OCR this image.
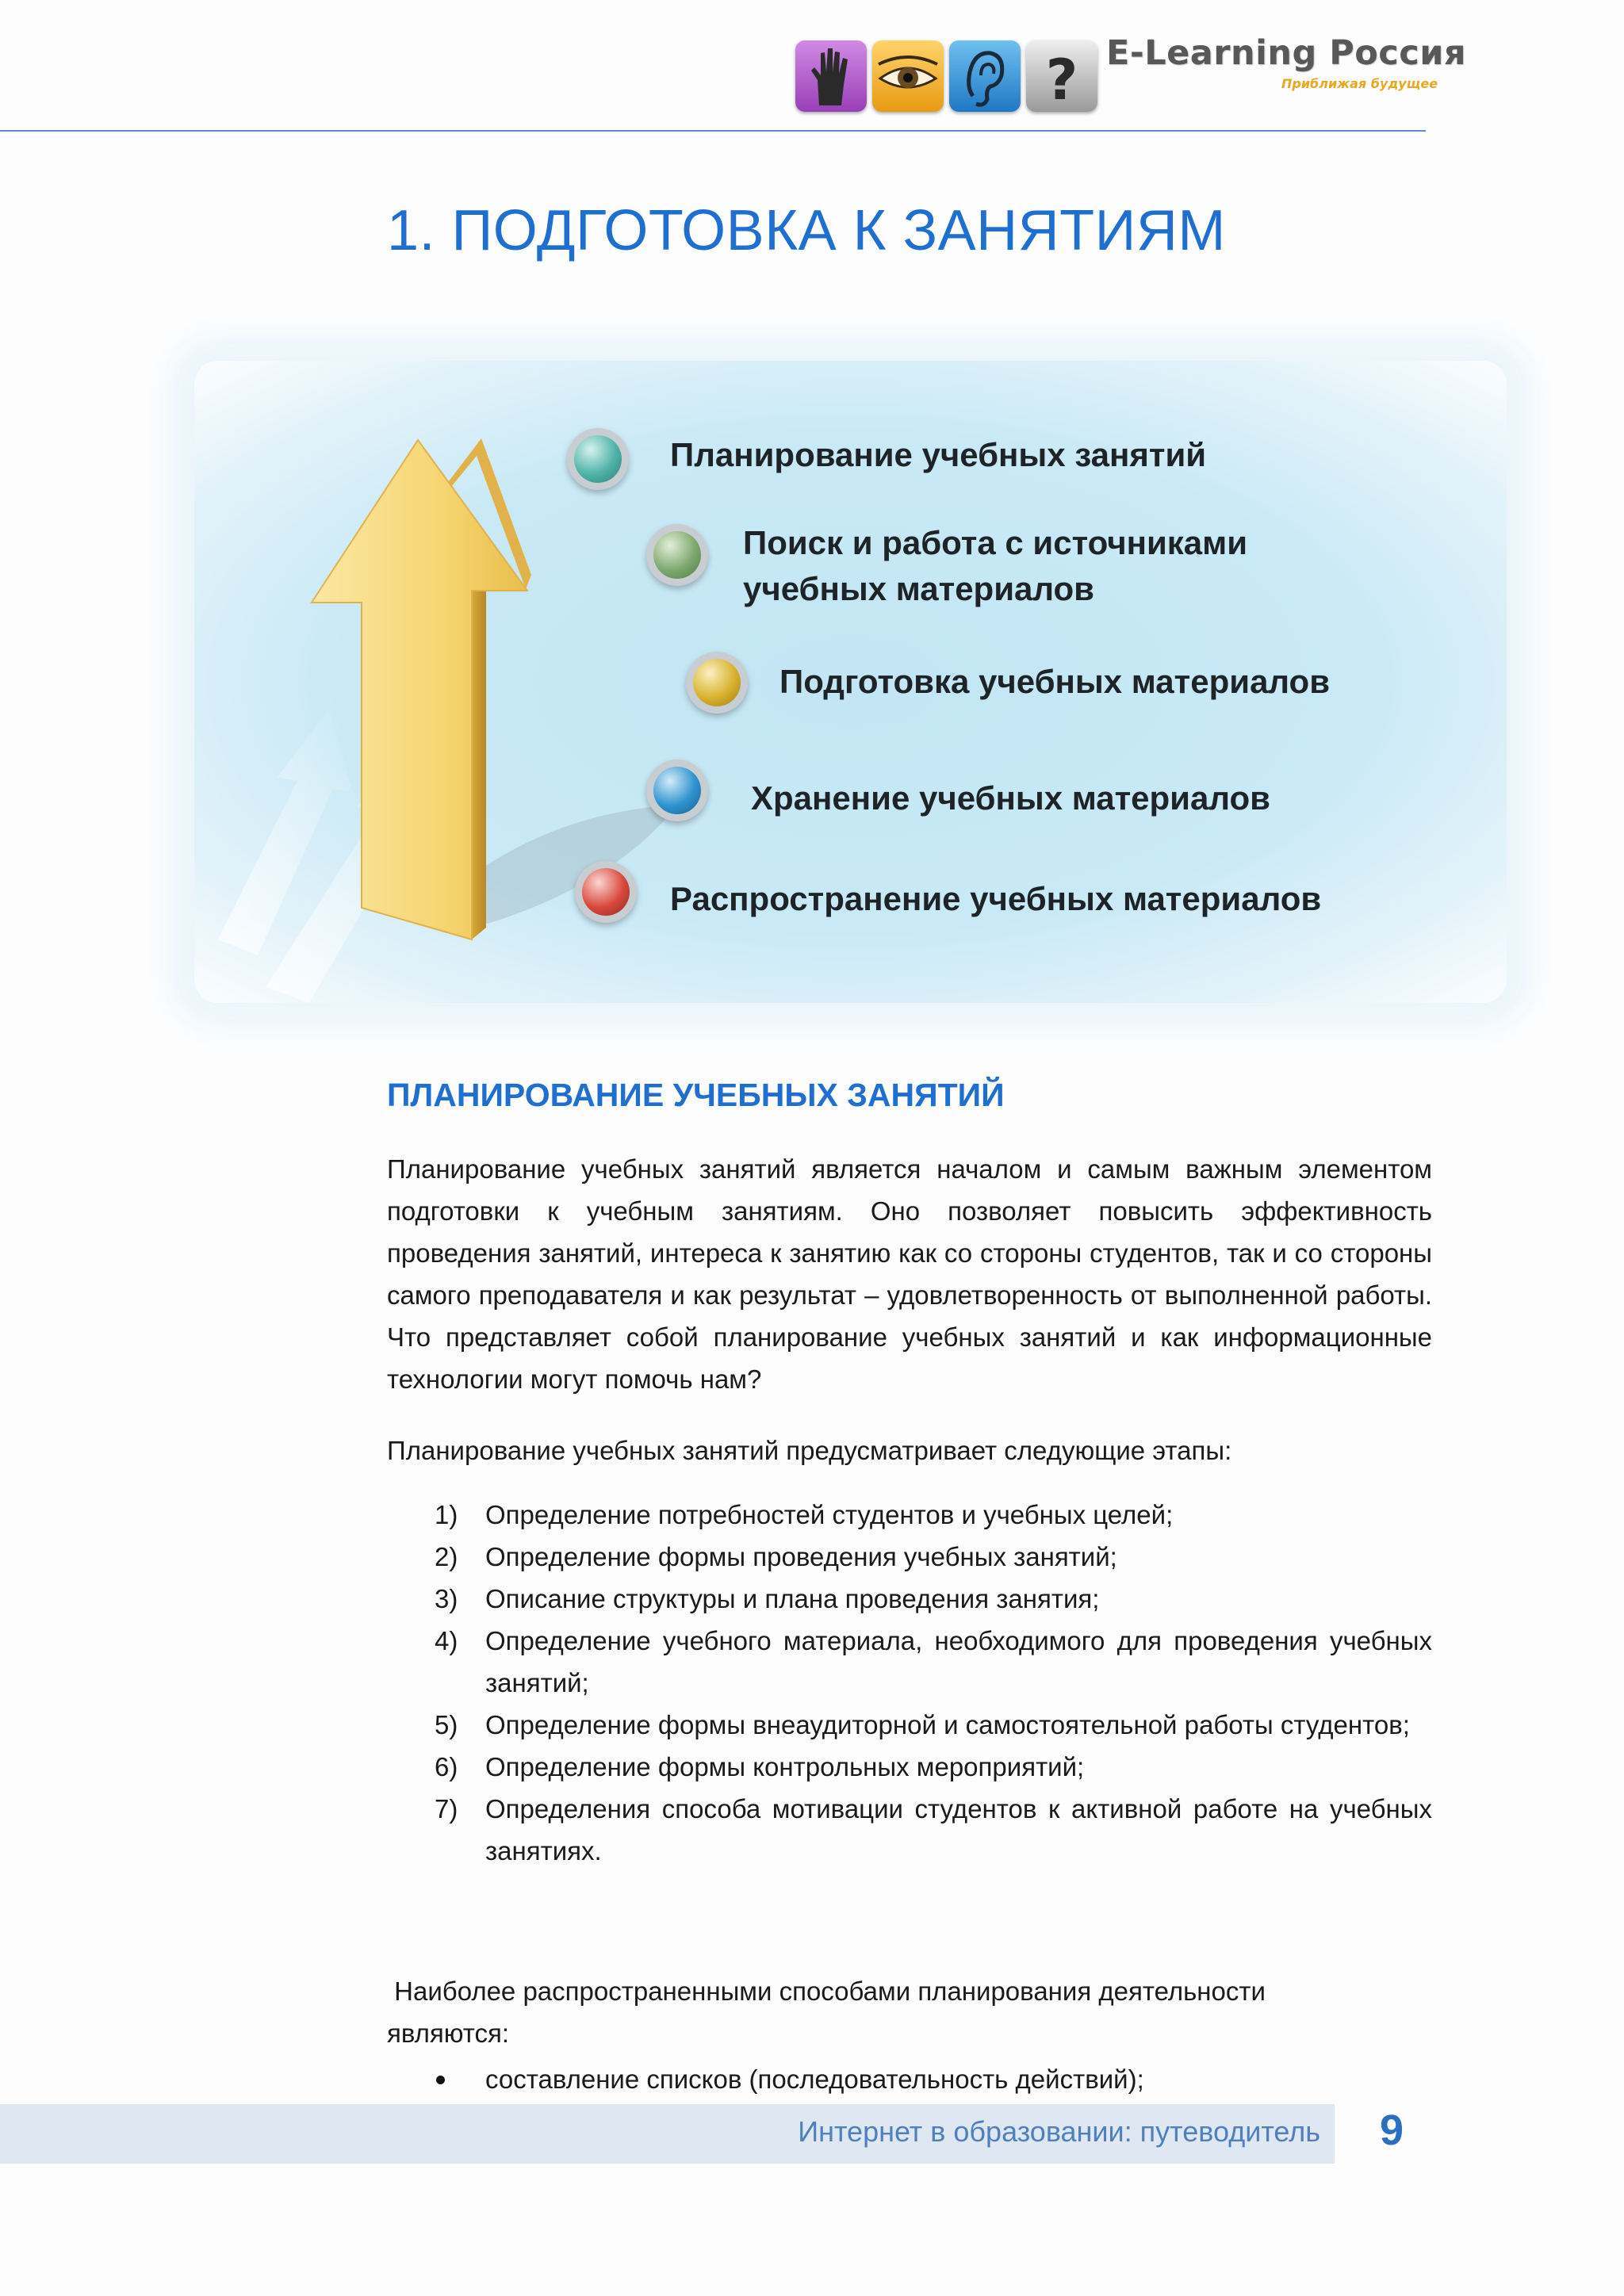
? E-Learning Россия
Приближая будущее
1. ПОДГОТОВКА К ЗАНЯТИЯМ
Планирование учебных занятий
Поиск и работа с источниками
учебных материалов
Подготовка учебных материалов
Хранение учебных материалов
Распространение учебных материалов
ПЛАНИРОВАНИЕ УЧЕБНЫХ ЗАНЯТИЙ

Планирование учебных занятий является началом и самым важным элементом подготовки к учебным занятиям. Оно позволяет повысить эффективность проведения занятий, интереса к занятию как со стороны студентов, так и со стороны самого преподавателя и как результат – удовлетворенность от выполненной работы. Что представляет собой планирование учебных занятий и как информационные технологии могут помочь нам?

Планирование учебных занятий предусматривает следующие этапы:

1) Определение потребностей студентов и учебных целей;
2) Определение формы проведения учебных занятий;
3) Описание структуры и плана проведения занятия;
4) Определение учебного материала, необходимого для проведения учебных занятий;
5) Определение формы внеаудиторной и самостоятельной работы студентов;
6) Определение формы контрольных мероприятий;
7) Определения способа мотивации студентов к активной работе на учебных занятиях.

Наиболее распространенными способами планирования деятельности являются:

составление списков (последовательность действий);
Интернет в образовании: путеводитель 9
